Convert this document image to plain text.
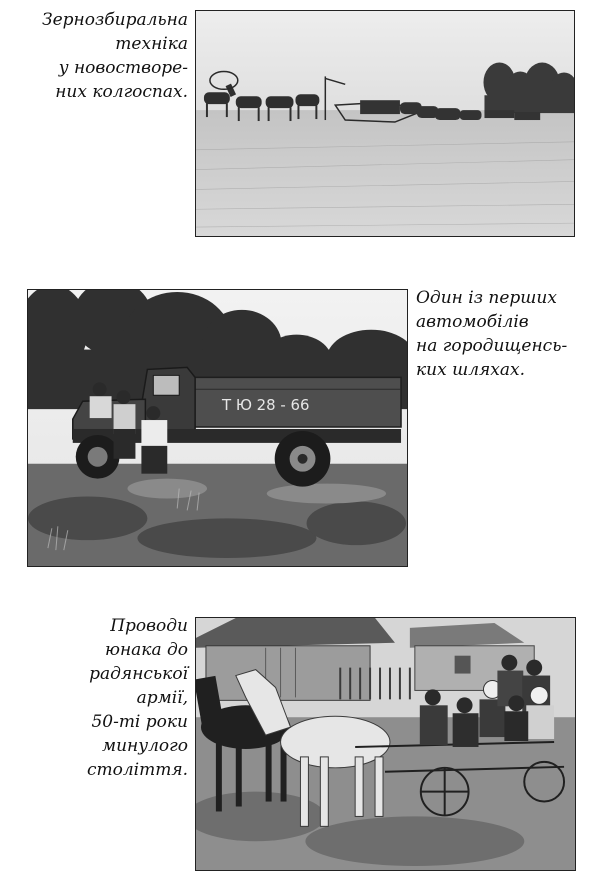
Зернозбиральна
техніка
у новостворе-
них колгоспах.
Т Ю 28 - 66
Один із перших
автомобілів
на городищенсь-
ких шляхах.
Проводи
юнака до
радянської
армії,
50-ті роки
минулого
століття.
